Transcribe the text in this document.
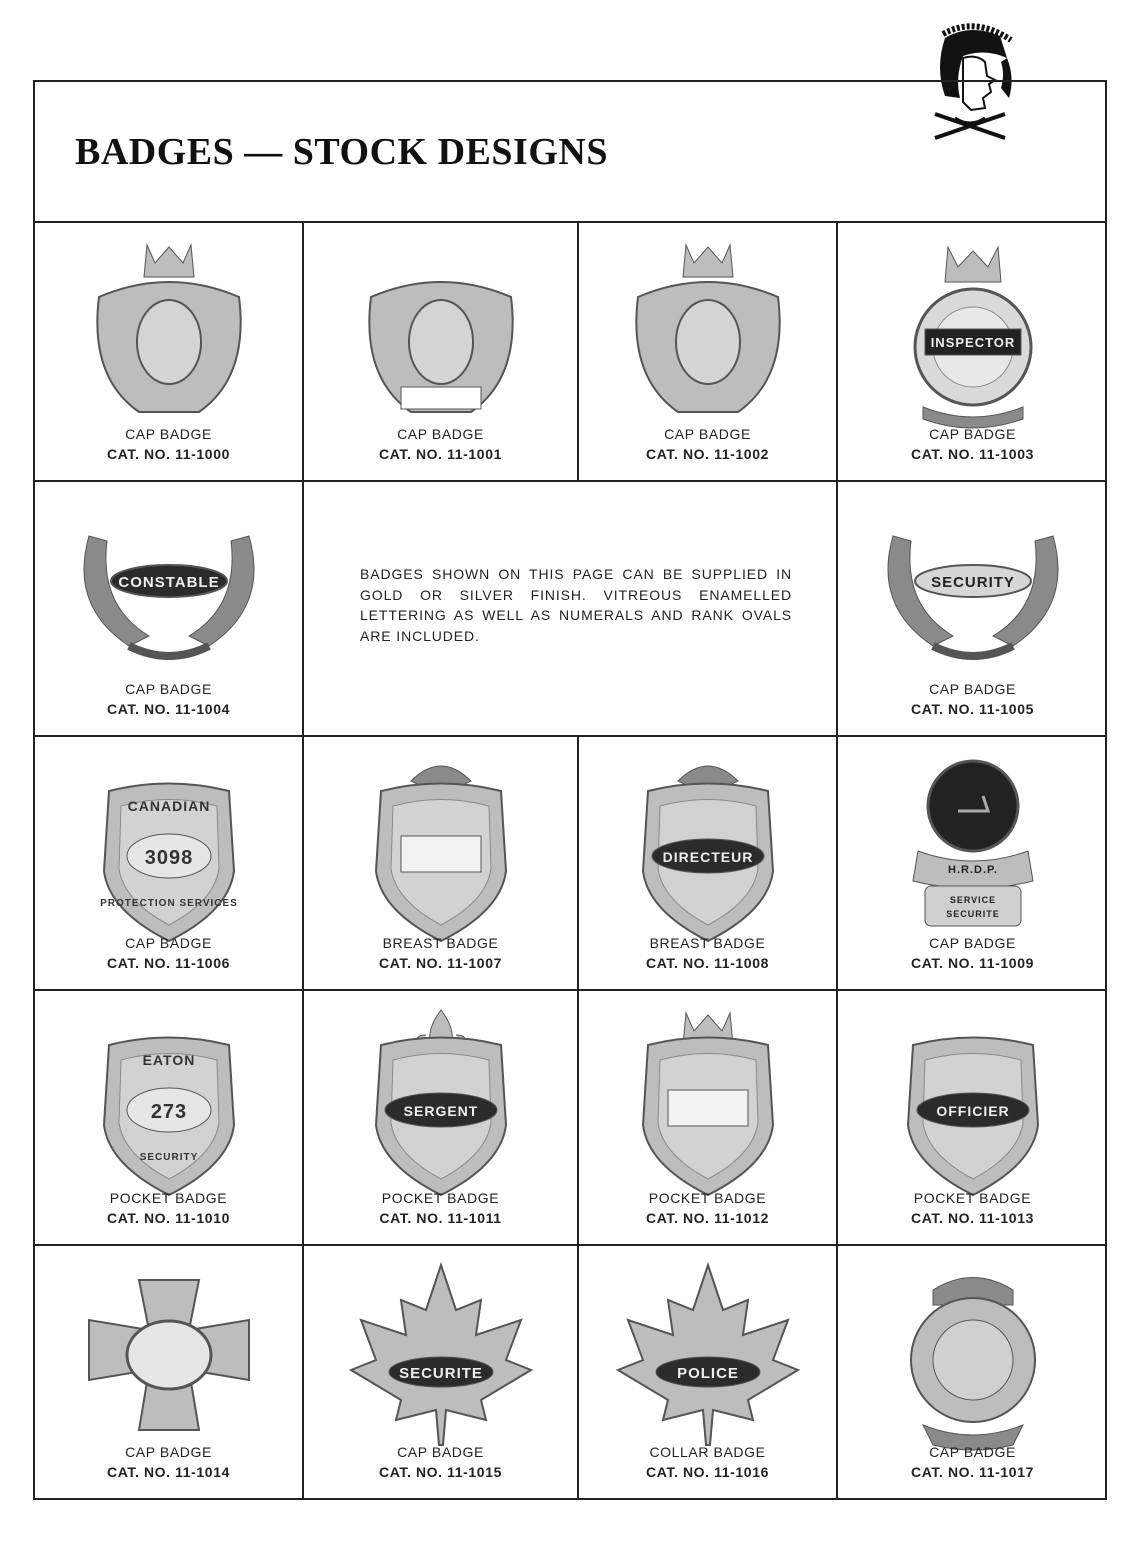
BADGES — STOCK DESIGNS
BADGES SHOWN ON THIS PAGE CAN BE SUPPLIED IN GOLD OR SILVER FINISH. VITREOUS ENAMELLED LETTERING AS WELL AS NUMERALS AND RANK OVALS ARE INCLUDED.
CAP BADGE
CAT. NO. 11-1000
CAP BADGE
CAT. NO. 11-1001
CAP BADGE
CAT. NO. 11-1002
INSPECTOR
CAP BADGE
CAT. NO. 11-1003
CONSTABLE
CAP BADGE
CAT. NO. 11-1004
SECURITY
CAP BADGE
CAT. NO. 11-1005
CANADIAN
3098
PROTECTION SERVICES
CAP BADGE
CAT. NO. 11-1006
BREAST BADGE
CAT. NO. 11-1007
DIRECTEUR
BREAST BADGE
CAT. NO. 11-1008
H.R.D.P.
SERVICE
SECURITE
CAP BADGE
CAT. NO. 11-1009
EATON
273
SECURITY
POCKET BADGE
CAT. NO. 11-1010
SERGENT
POCKET BADGE
CAT. NO. 11-1011
POCKET BADGE
CAT. NO. 11-1012
OFFICIER
POCKET BADGE
CAT. NO. 11-1013
CAP BADGE
CAT. NO. 11-1014
SECURITE
CAP BADGE
CAT. NO. 11-1015
POLICE
COLLAR BADGE
CAT. NO. 11-1016
CAP BADGE
CAT. NO. 11-1017
